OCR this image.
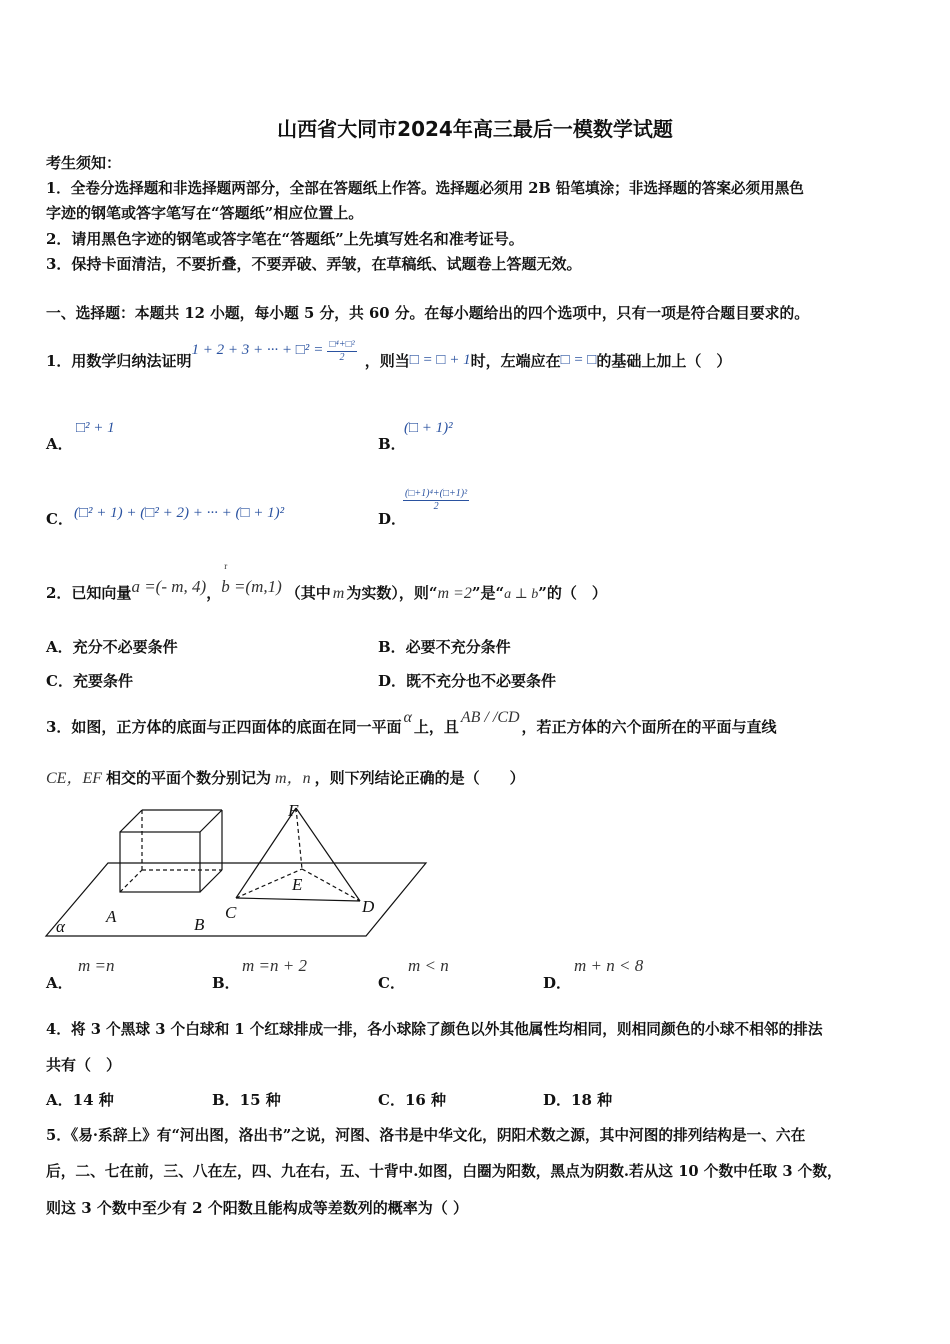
山西省大同市2024年高三最后一模数学试题
考生须知：
1．全卷分选择题和非选择题两部分，全部在答题纸上作答。选择题必须用 2B 铅笔填涂；非选择题的答案必须用黑色
字迹的钢笔或答字笔写在“答题纸”相应位置上。
2．请用黑色字迹的钢笔或答字笔在“答题纸”上先填写姓名和准考证号。
3．保持卡面清洁，不要折叠，不要弄破、弄皱，在草稿纸、试题卷上答题无效。
一、选择题：本题共 12 小题，每小题 5 分，共 60 分。在每小题给出的四个选项中，只有一项是符合题目要求的。
1．用数学归纳法证明
1 + 2 + 3 + ··· + □² = $\frac{\text{□⁴+□²}}{2}$ ，则当 □ = □ + 1 时，左端应在 □ = □ 的基础上加上（　）
A．
□² + 1
B．
(□ + 1)²
C． (□² + 1) + (□² + 2) + ··· + (□ + 1)²	D．
$\frac{\text{(□+1)⁴+(□+1)²}}{2}$
2．已知向量 a =(- m, 4) ，
r
b =(m,1) （其中 m 为实数），则“ m =2 ”是“ a ⊥ b ”的（　）
A．充分不必要条件	B．必要不充分条件
C．充要条件	D．既不充分也不必要条件
3．如图，正方体的底面与正四面体的底面在同一平面
α
上，且
AB / /CD
，若正方体的六个面所在的平面与直线
CE，EF 相交的平面个数分别记为 m，n ，则下列结论正确的是（　　）
A	B
C	D
E
F
α
A．
m =n
B．
m =n + 2
C．
m < n
D．
m + n < 8
4．将 3 个黑球 3 个白球和 1 个红球排成一排，各小球除了颜色以外其他属性均相同，则相同颜色的小球不相邻的排法
共有（　）
A．14 种	B．15 种	C．16 种	D．18 种
5．《易·系辞上》有“河出图，洛出书”之说，河图、洛书是中华文化，阴阳术数之源，其中河图的排列结构是一、六在
后，二、七在前，三、八在左，四、九在右，五、十背中.如图，白圈为阳数，黑点为阴数.若从这 10 个数中任取 3 个数，
则这 3 个数中至少有 2 个阳数且能构成等差数列的概率为（ ）
